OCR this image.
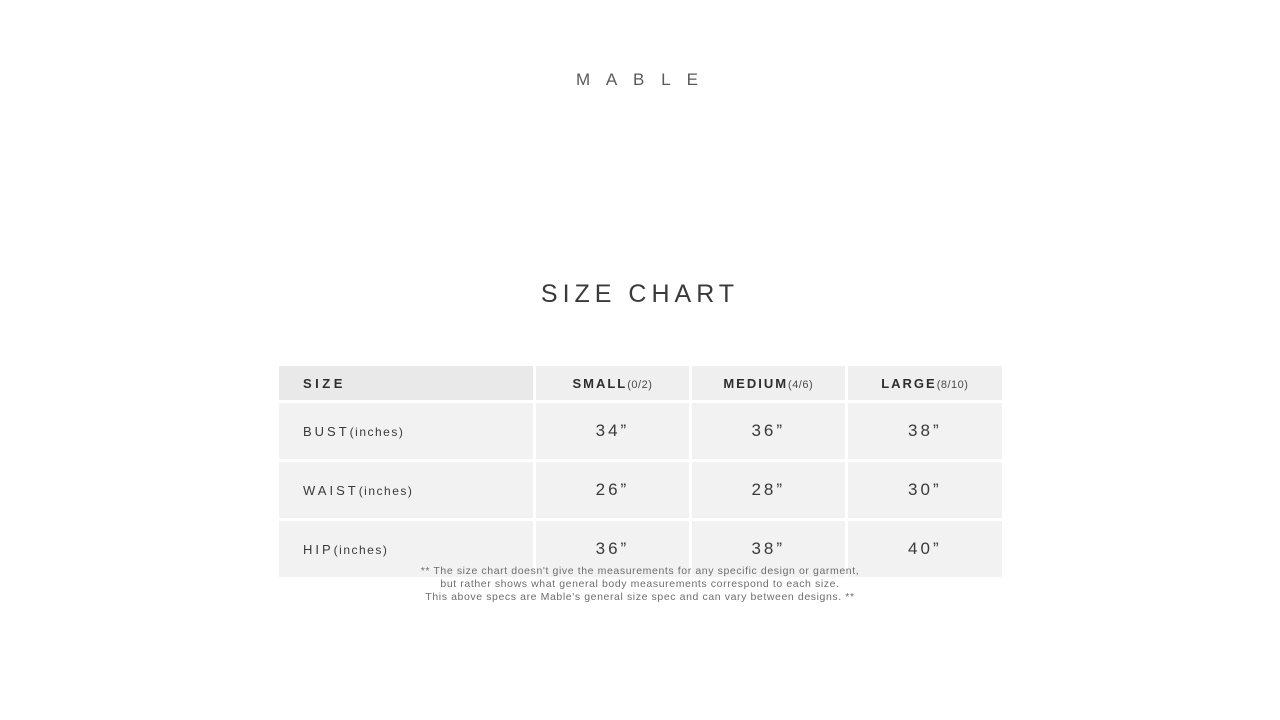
M A B L E
SIZE CHART
SIZE	SMALL(0/2)	MEDIUM(4/6)	LARGE(8/10)
BUST(inches)	34”	36”	38”
WAIST(inches)	26”	28”	30”
HIP(inches)	36”	38”	40”
** The size chart doesn't give the measurements for any specific design or garment,
but rather shows what general body measurements correspond to each size.
This above specs are Mable's general size spec and can vary between designs. **
